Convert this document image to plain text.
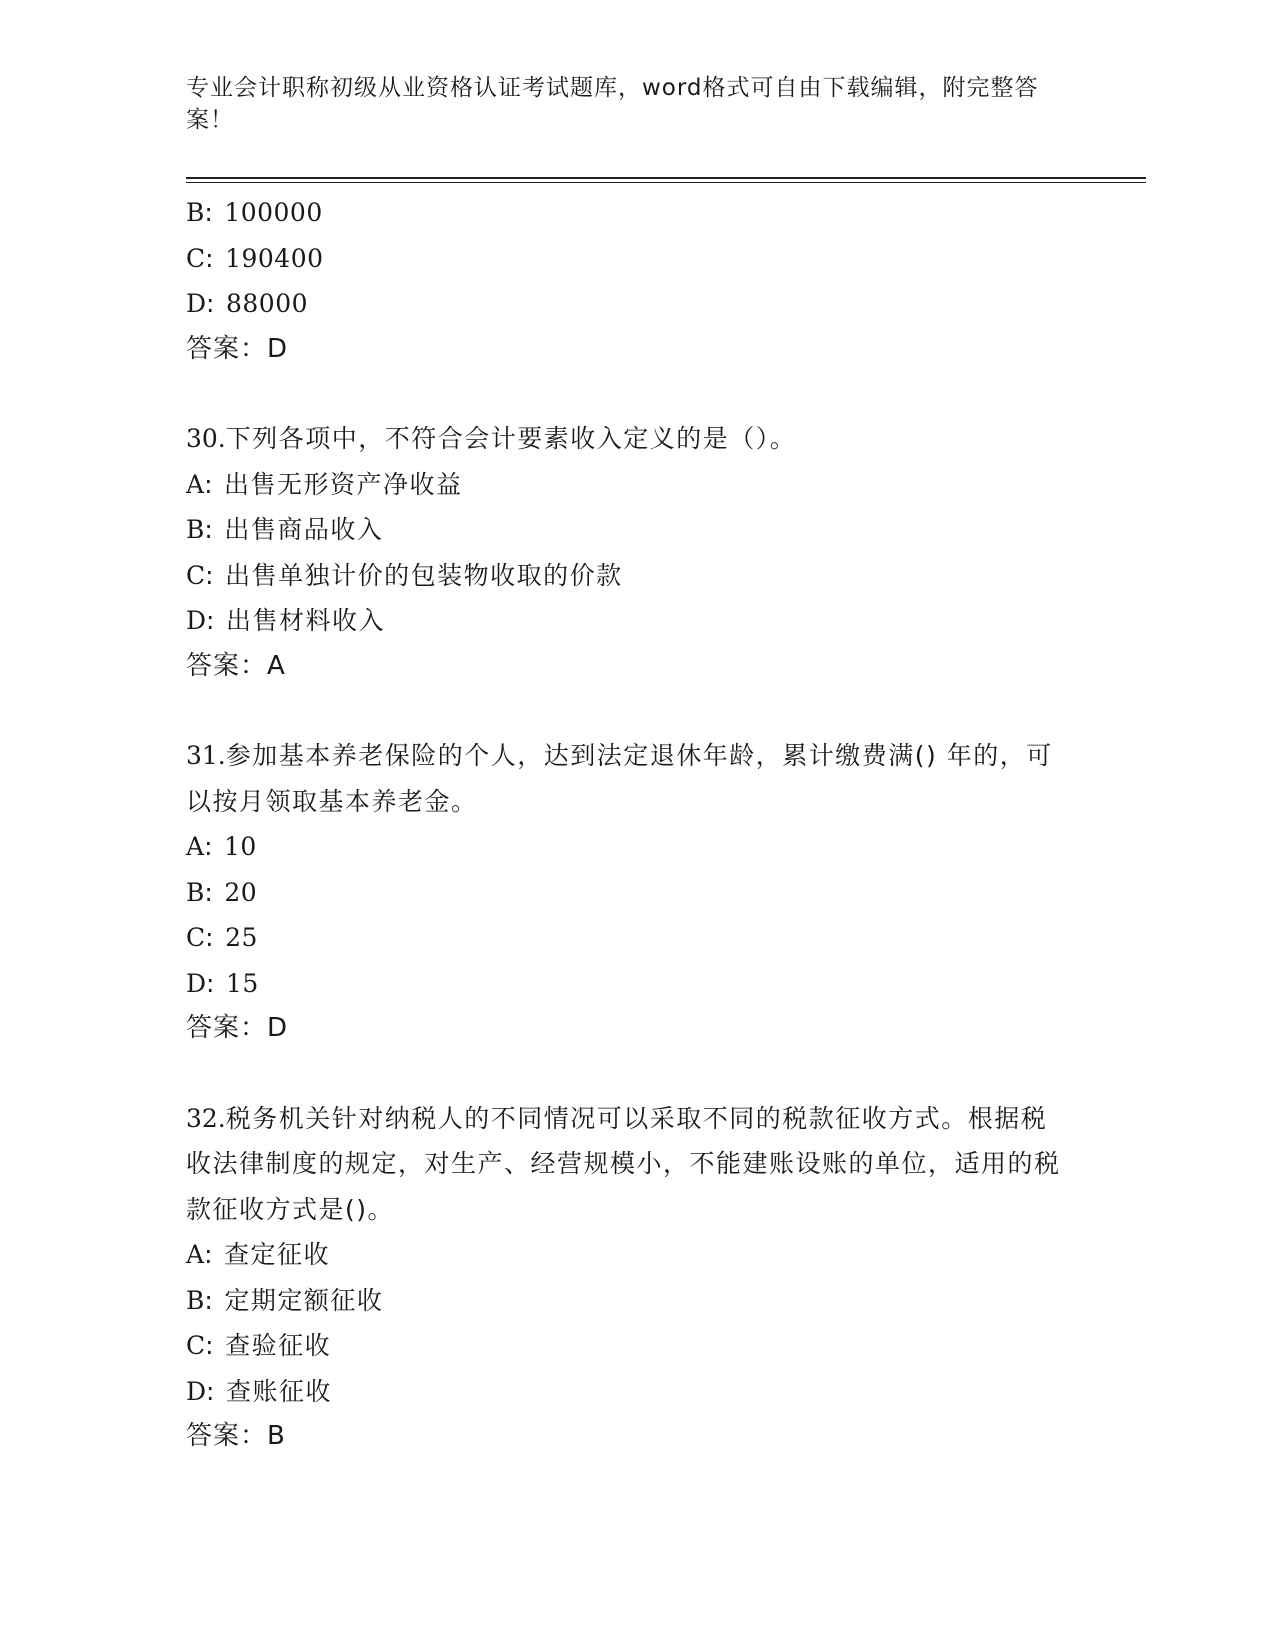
专业会计职称初级从业资格认证考试题库，word格式可自由下载编辑，附完整答案！
B: 100000
C: 190400
D: 88000
答案：D
30.下列各项中，不符合会计要素收入定义的是（）。
A: 出售无形资产净收益
B: 出售商品收入
C: 出售单独计价的包装物收取的价款
D: 出售材料收入
答案：A
31.参加基本养老保险的个人，达到法定退休年龄，累计缴费满() 年的，可以按月领取基本养老金。
A: 10
B: 20
C: 25
D: 15
答案：D
32.税务机关针对纳税人的不同情况可以采取不同的税款征收方式。根据税收法律制度的规定，对生产、经营规模小，不能建账设账的单位，适用的税款征收方式是()。
A: 查定征收
B: 定期定额征收
C: 查验征收
D: 查账征收
答案：B
